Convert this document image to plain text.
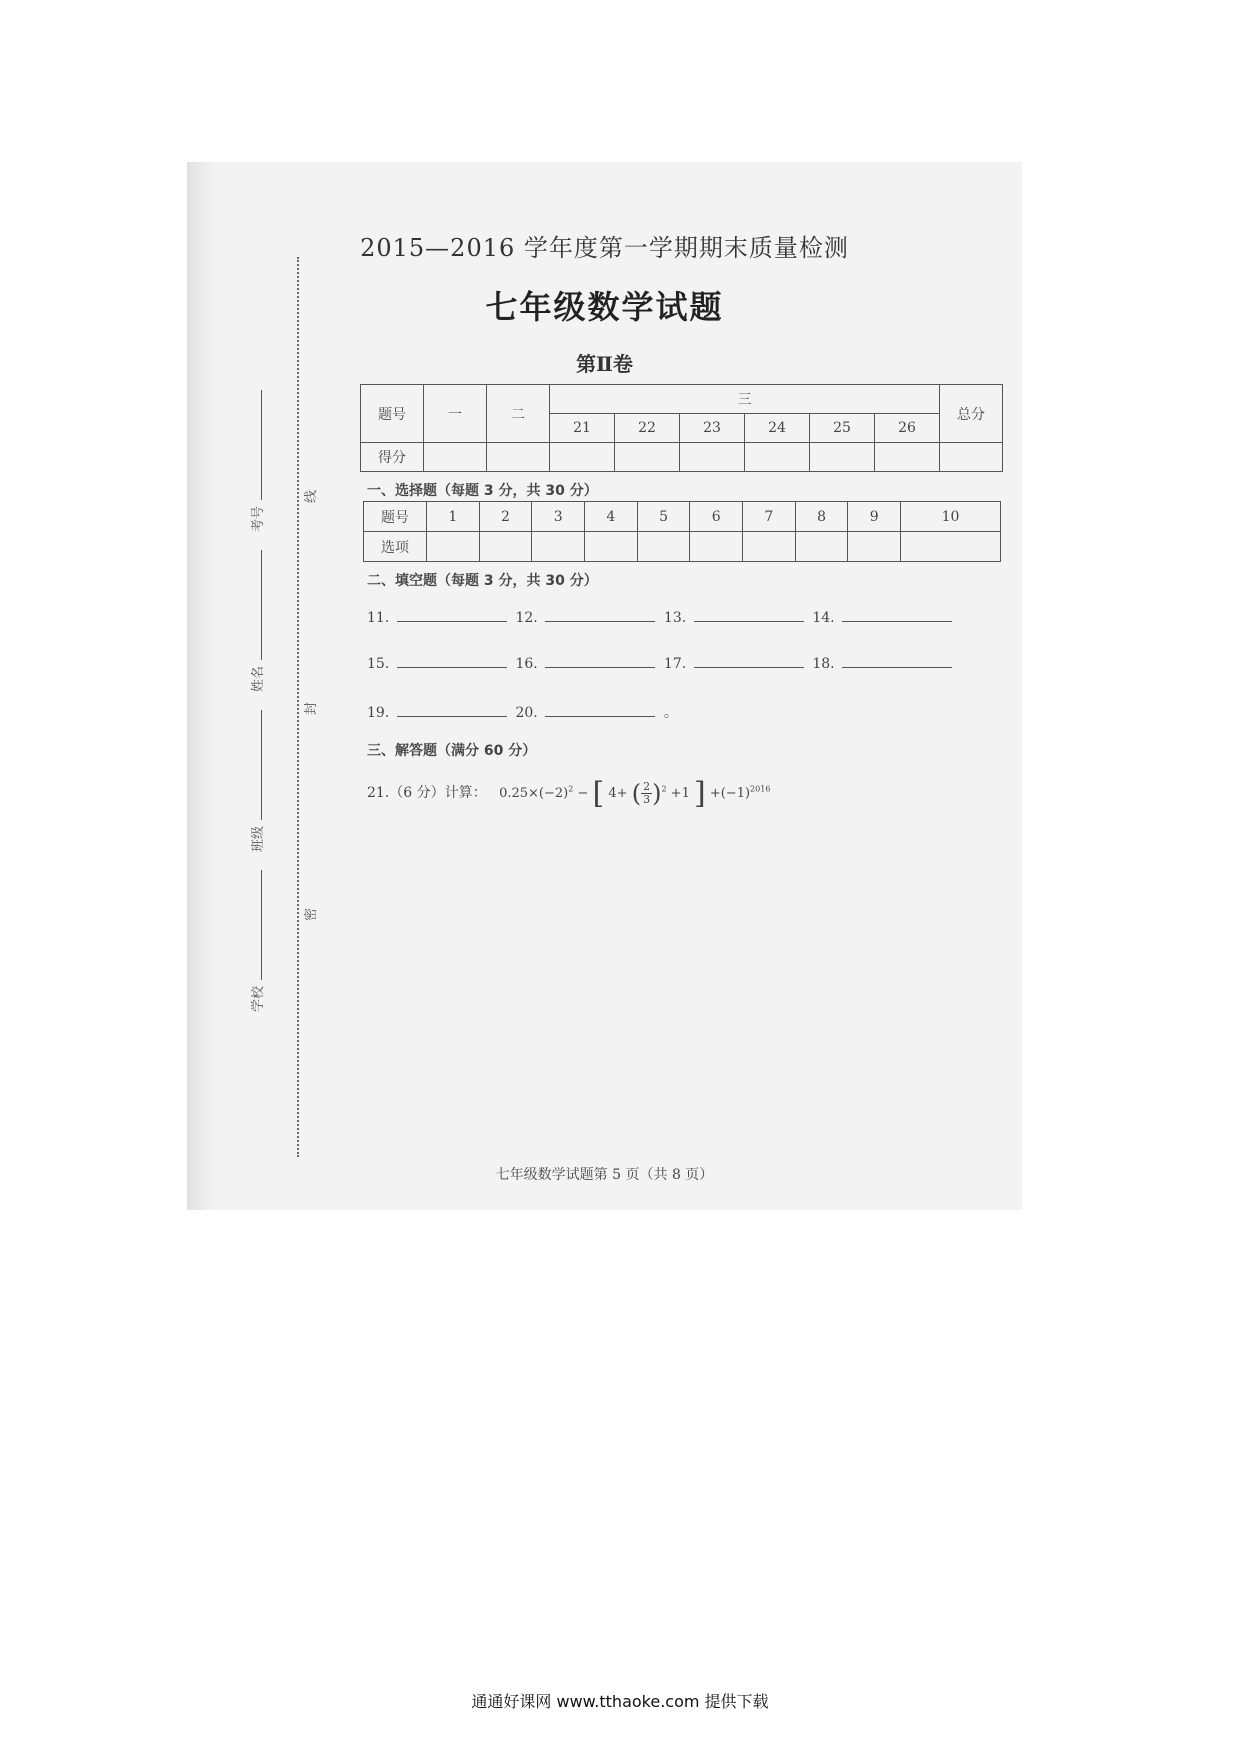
线
封
密
考号
姓名
班级
学校
2015—2016 学年度第一学期期末质量检测
七年级数学试题
第Ⅱ卷
题号	一	二	三						总分
			21	22	23	24	25	26	
得分									
一、选择题（每题 3 分，共 30 分）
题号	1	2	3	4	5	6	7	8	9	10
选项										
二、填空题（每题 3 分，共 30 分）
11.	12.	13.	14.
15.	16.	17.	18.
19.	20.	。
三、解答题（满分 60 分）
21.（6 分）计算： $0.25\times(-2)^2$ − [ 4+ ( $\frac{2}{3})^2 +1$ ] $+(-1)^{2016}$
七年级数学试题第 5 页（共 8 页）
通通好课网 www.tthaoke.com 提供下载
